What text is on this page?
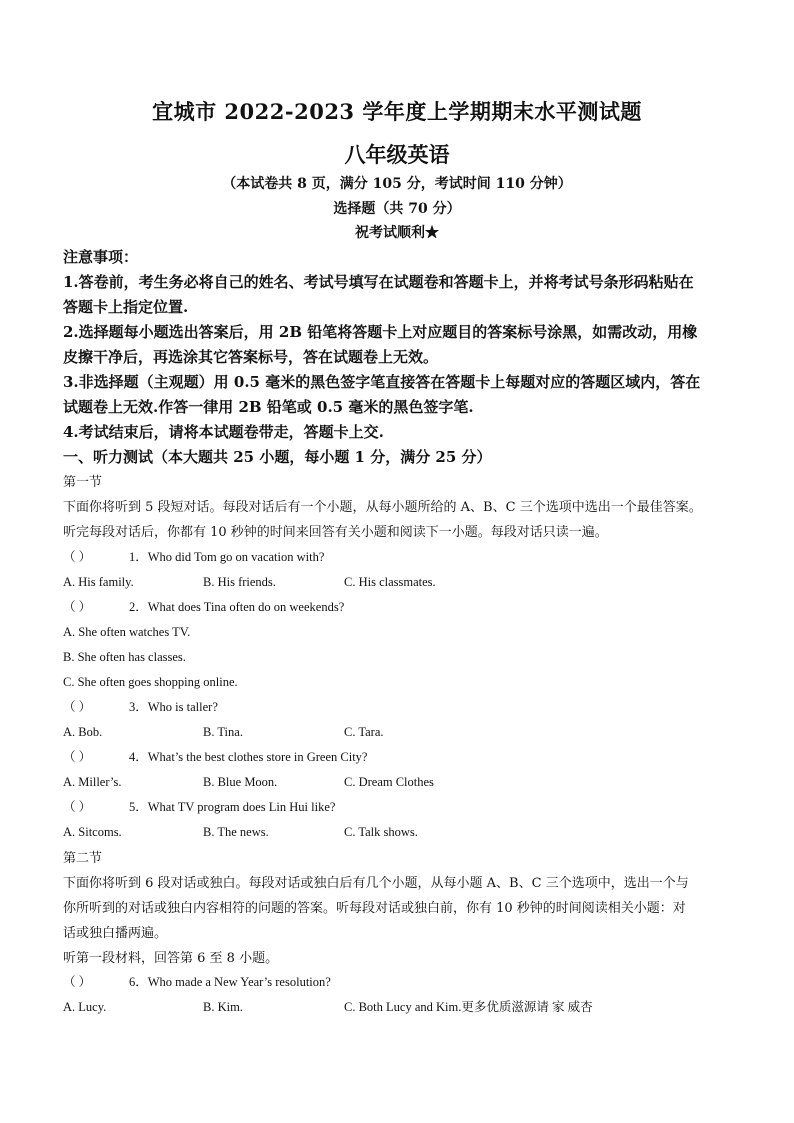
宜城市 2022-2023 学年度上学期期末水平测试题
八年级英语
（本试卷共 8 页，满分 105 分，考试时间 110 分钟）
选择题（共 70 分）
祝考试顺利★
注意事项：
1.答卷前，考生务必将自己的姓名、考试号填写在试题卷和答题卡上，并将考试号条形码粘贴在
答题卡上指定位置.
2.选择题每小题选出答案后，用 2B 铅笔将答题卡上对应题目的答案标号涂黑，如需改动，用橡
皮擦干净后，再选涂其它答案标号，答在试题卷上无效。
3.非选择题（主观题）用 0.5 毫米的黑色签字笔直接答在答题卡上每题对应的答题区域内，答在
试题卷上无效.作答一律用 2B 铅笔或 0.5 毫米的黑色签字笔.
4.考试结束后，请将本试题卷带走，答题卡上交.
一、听力测试（本大题共 25 小题，每小题 1 分，满分 25 分）
第一节
下面你将听到 5 段短对话。每段对话后有一个小题，从每小题所给的 A、B、C 三个选项中选出一个最佳答案。
听完每段对话后，你都有 10 秒钟的时间来回答有关小题和阅读下一小题。每段对话只读一遍。
（ ）	1．Who did Tom go on vacation with?
A. His family.	B. His friends.	C. His classmates.
（ ）	2．What does Tina often do on weekends?
A. She often watches TV.
B. She often has classes.
C. She often goes shopping online.
（ ）	3．Who is taller?
A. Bob.	B. Tina.	C. Tara.
（ ）	4．What’s the best clothes store in Green City?
A. Miller’s.	B. Blue Moon.	C. Dream Clothes
（ ）	5．What TV program does Lin Hui like?
A. Sitcoms.	B. The news.	C. Talk shows.
第二节
下面你将听到 6 段对话或独白。每段对话或独白后有几个小题，从每小题 A、B、C 三个选项中，选出一个与
你所听到的对话或独白内容相符的问题的答案。听每段对话或独白前，你有 10 秒钟的时间阅读相关小题：对
话或独白播两遍。
听第一段材料，回答第 6 至 8 小题。
（ ）	6．Who made a New Year’s resolution?
A. Lucy.	B. Kim.	C. Both Lucy and Kim.更多优质滋源请 家 威杏
